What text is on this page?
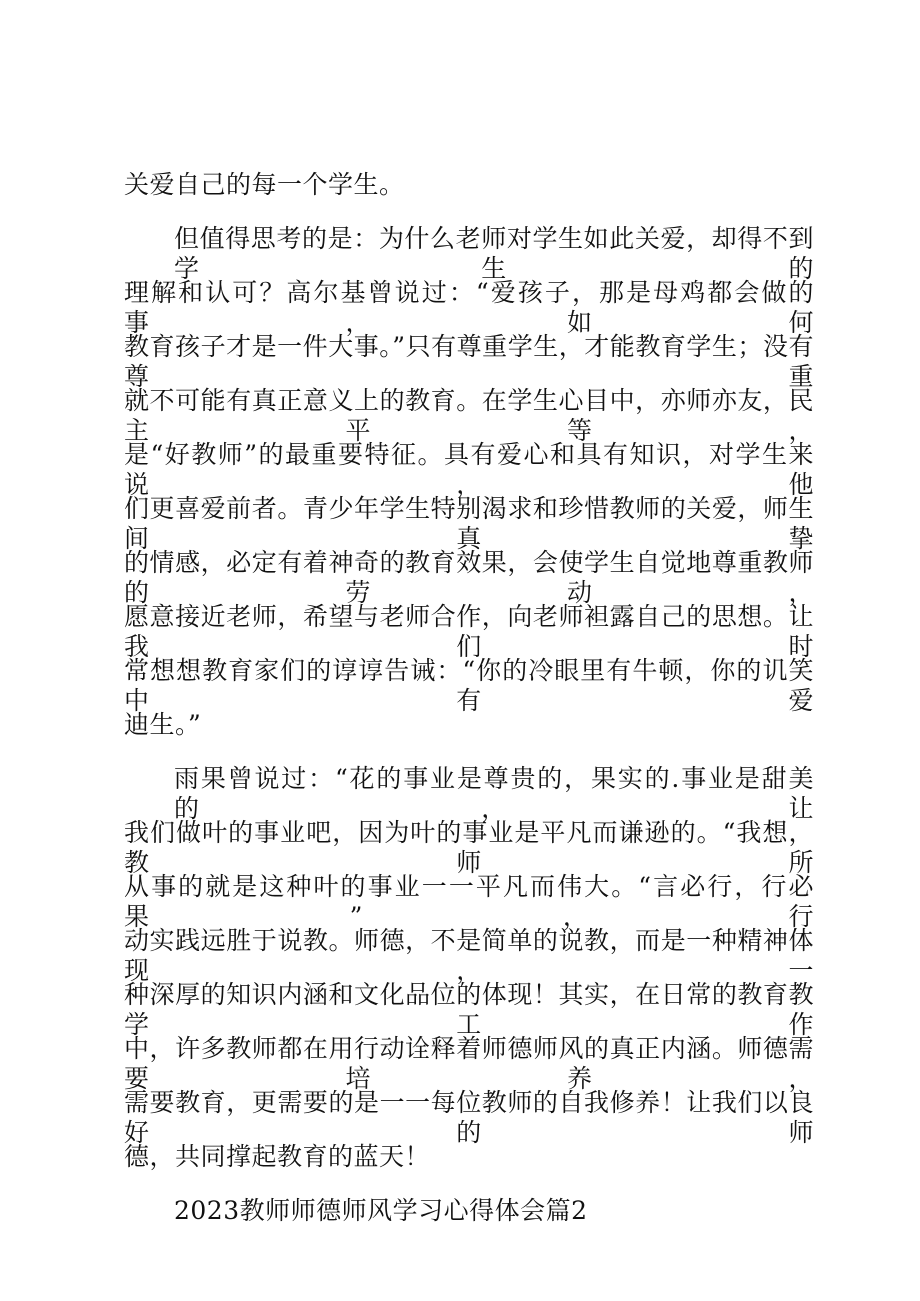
关爱自己的每一个学生。
但值得思考的是：为什么老师对学生如此关爱，却得不到学生的
理解和认可？高尔基曾说过：“爱孩子，那是母鸡都会做的事，如何
教育孩子才是一件大事。”只有尊重学生，才能教育学生；没有尊重
就不可能有真正意义上的教育。在学生心目中，亦师亦友，民主平等，
是“好教师”的最重要特征。具有爱心和具有知识，对学生来说，他
们更喜爱前者。青少年学生特别渴求和珍惜教师的关爱，师生间真挚
的情感，必定有着神奇的教育效果，会使学生自觉地尊重教师的劳动，
愿意接近老师，希望与老师合作，向老师袒露自己的思想。让我们时
常想想教育家们的谆谆告诫：“你的冷眼里有牛顿，你的讥笑中有爱
迪生。”
雨果曾说过：“花的事业是尊贵的，果实的.事业是甜美的，让
我们做叶的事业吧，因为叶的事业是平凡而谦逊的。“我想，教师所
从事的就是这种叶的事业一一平凡而伟大。“言必行，行必果”，行
动实践远胜于说教。师德，不是简单的说教，而是一种精神体现，一
种深厚的知识内涵和文化品位的体现！其实，在日常的教育教学工作
中，许多教师都在用行动诠释着师德师风的真正内涵。师德需要培养，
需要教育，更需要的是一一每位教师的自我修养！让我们以良好的师
德，共同撑起教育的蓝天！
2023教师师德师风学习心得体会篇2
